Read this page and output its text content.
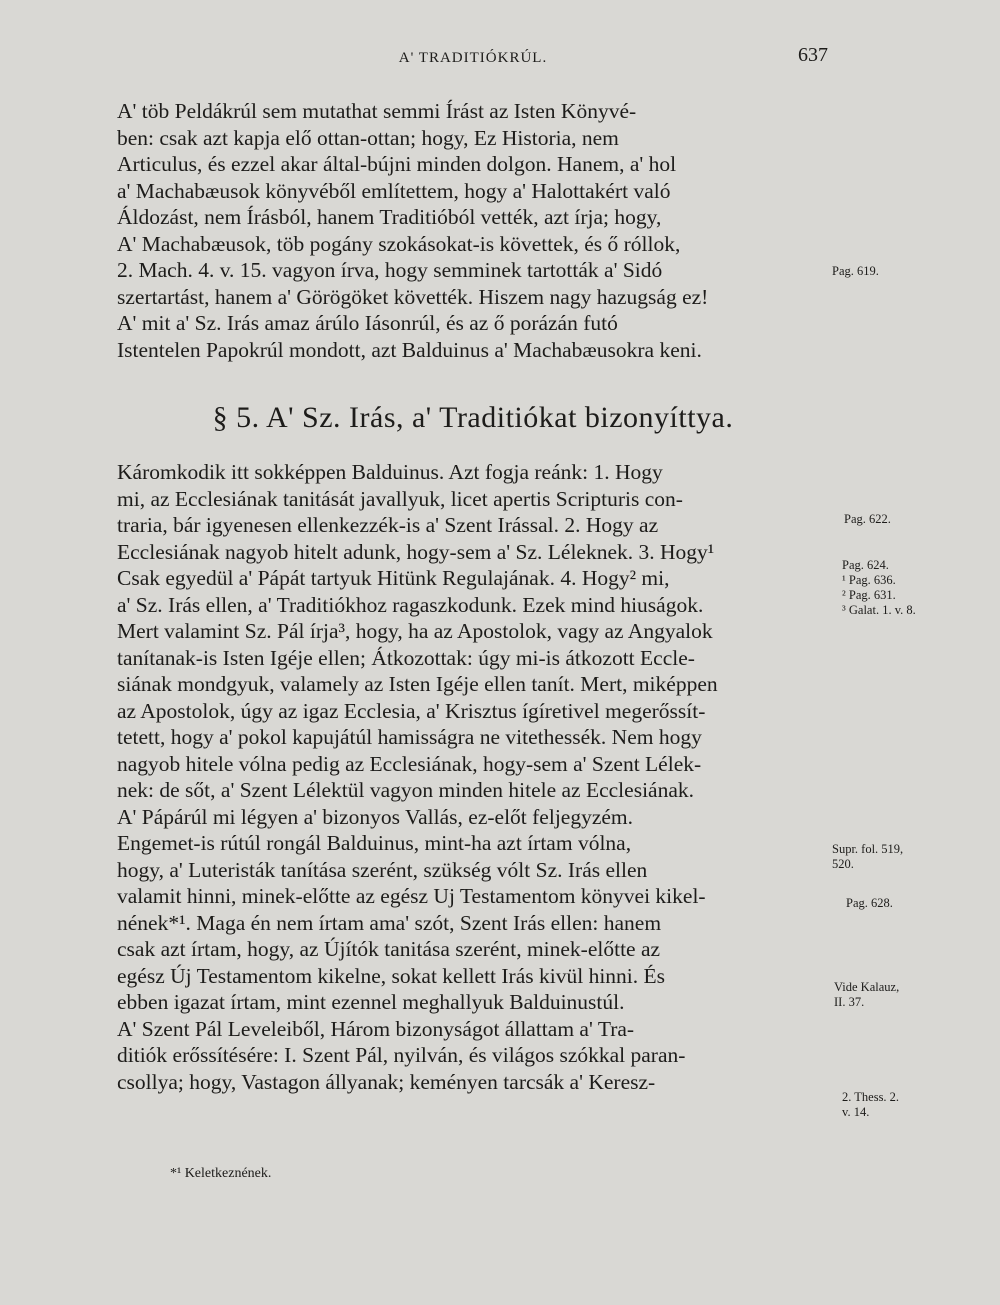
A' TRADITIÓKRÚL.	637

A' töb Peldákrúl sem mutathat semmi Írást az Isten Könyvé-
ben: csak azt kapja elő ottan-ottan; hogy, Ez Historia, nem
Articulus, és ezzel akar által-bújni minden dolgon. Hanem, a' hol
a' Machabæusok könyvéből említettem, hogy a' Halottakért való
Áldozást, nem Írásból, hanem Traditióból vették, azt írja; hogy,
A' Machabæusok, töb pogány szokásokat-is követtek, és ő róllok,
2. Mach. 4. v. 15. vagyon írva, hogy semminek tartották a' Sidó
szertartást, hanem a' Görögöket követték. Hiszem nagy hazugság ez!
A' mit a' Sz. Irás amaz árúlo Iásonrúl, és az ő porázán futó
Istentelen Papokrúl mondott, azt Balduinus a' Machabæusokra keni.

§ 5. A' Sz. Irás, a' Traditiókat bizonyíttya.

Káromkodik itt sokképpen Balduinus. Azt fogja reánk: 1. Hogy
mi, az Ecclesiának tanitását javallyuk, licet apertis Scripturis con-
traria, bár igyenesen ellenkezzék-is a' Szent Irással. 2. Hogy az
Ecclesiának nagyob hitelt adunk, hogy-sem a' Sz. Léleknek. 3. Hogy¹
Csak egyedül a' Pápát tartyuk Hitünk Regulajának. 4. Hogy² mi,
a' Sz. Irás ellen, a' Traditiókhoz ragaszkodunk. Ezek mind hiuságok.
Mert valamint Sz. Pál írja³, hogy, ha az Apostolok, vagy az Angyalok
tanítanak-is Isten Igéje ellen; Átkozottak: úgy mi-is átkozott Eccle-
siának mondgyuk, valamely az Isten Igéje ellen tanít. Mert, miképpen
az Apostolok, úgy az igaz Ecclesia, a' Krisztus ígíretivel megerőssít-
tetett, hogy a' pokol kapujátúl hamisságra ne vitethessék. Nem hogy
nagyob hitele vólna pedig az Ecclesiának, hogy-sem a' Szent Lélek-
nek: de sőt, a' Szent Lélektül vagyon minden hitele az Ecclesiának.
A' Pápárúl mi légyen a' bizonyos Vallás, ez-előt feljegyzém.

Engemet-is rútúl rongál Balduinus, mint-ha azt írtam vólna,
hogy, a' Luteristák tanítása szerént, szükség vólt Sz. Irás ellen
valamit hinni, minek-előtte az egész Uj Testamentom könyvei kikel-
nének*¹. Maga én nem írtam ama' szót, Szent Irás ellen: hanem
csak azt írtam, hogy, az Újítók tanitása szerént, minek-előtte az
egész Új Testamentom kikelne, sokat kellett Irás kivül hinni. És
ebben igazat írtam, mint ezennel meghallyuk Balduinustúl.

A' Szent Pál Leveleiből, Három bizonyságot állattam a' Tra-
ditiók erőssítésére: I. Szent Pál, nyilván, és világos szókkal paran-
csollya; hogy, Vastagon állyanak; keményen tarcsák a' Keresz-

Pag. 619.
Pag. 622.
Pag. 624.
¹ Pag. 636.
² Pag. 631.
³ Galat. 1. v. 8.
Supr. fol. 519,
520.
Pag. 628.
Vide Kalauz,
II. 37.
2. Thess. 2.
v. 14.
*¹ Keletkeznének.
